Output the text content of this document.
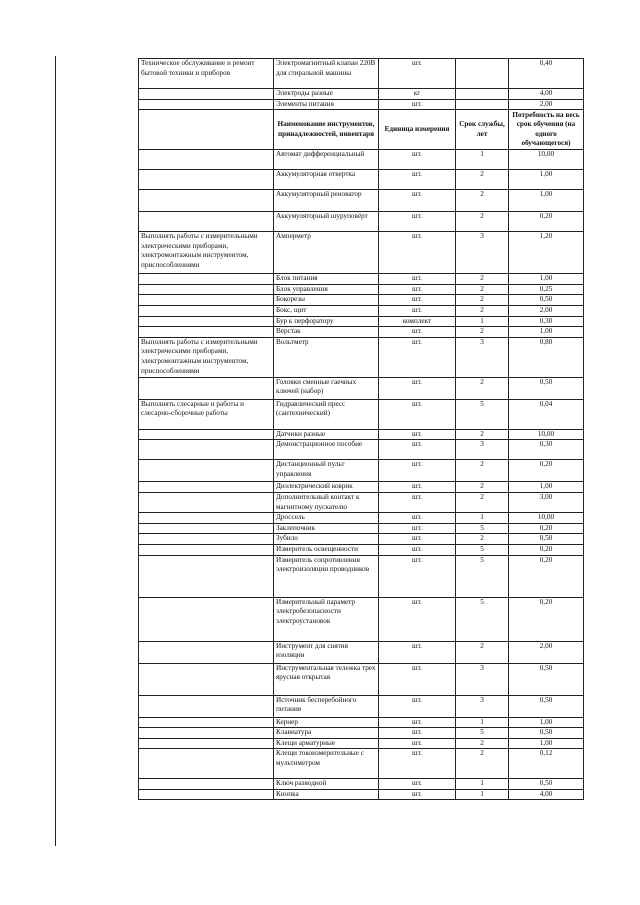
Техническое обслуживание и ремонт бытовой техники и приборов	Электромагнитный клапан 220В для стиральной машины	шт.		0,40
	Электроды разные	кг		4,00
	Элементы питания	шт.		2,00
	Наименование инструментов, принадлежностей, инвентаря	Единица измерения	Срок службы, лет	Потребность на весь срок обучения (на одного обучающегося)
	Автомат дифференциальный	шт.	1	10,00
	Аккумуляторная отвертка	шт.	2	1,00
	Аккумуляторный реноватор	шт.	2	1,00
	Аккумуляторный шуруповёрт	шт.	2	0,20
Выполнять работы с измерительными электрическими приборами, электромонтажным инструментом, приспособлениями	Амперметр	шт.	3	1,20
	Блок питания	шт.	2	1,00
	Блок управления	шт.	2	0,25
	Бокорезы	шт.	2	0,50
	Бокс, щит	шт.	2	2,00
	Бур к перфоратору	комплект	1	0,30
	Верстак	шт.	2	1,00
Выполнять работы с измерительными электрическими приборами, электромонтажным инструментом, приспособлениями	Вольтметр	шт.	3	0,80
	Головки сменные гаечных ключей (набор)	шт.	2	0,50
Выполнять слесарные и работы и слесарно-сборочные работы	Гидравлический пресс (сантехнический)	шт.	5	0,04
	Датчики разные	шт.	2	10,00
	Демонстрационное пособие	шт.	3	0,30
	Дистанционный пульт управления	шт.	2	0,20
	Диэлектрический коврик	шт.	2	1,00
	Дополнительный контакт к магнитному пускателю	шт.	2	3,00
	Дроссель	шт.	1	10,00
	Заклепочник	шт.	5	0,20
	Зубило	шт.	2	0,50
	Измеритель освещенности	шт.	5	0,20
	Измеритель сопротивления электроизоляции проводников	шт.	5	0,20
	Измерительный параметр электробезопасности электроустановок	шт.	5	0,20
	Инструмент для снятия изоляции	шт.	2	2,00
	Инструментальная тележка трех ярусная открытая	шт.	3	0,50
	Источник бесперебойного питания	шт.	3	0,50
	Кернер	шт.	1	1,00
	Клавиатура	шт.	5	0,50
	Клещи арматурные	шт.	2	1,00
	Клещи токоизмерительные с мультиметром	шт.	2	0,12
	Ключ разводной	шт.	1	0,50
	Кнопка	шт.	1	4,00
